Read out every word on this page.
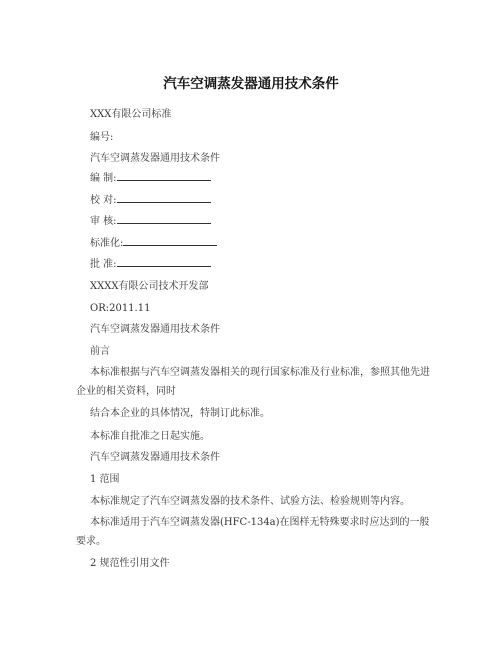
汽车空调蒸发器通用技术条件
XXX有限公司标准
编号:
汽车空调蒸发器通用技术条件
编 制:
校 对:
审 核:
标准化:
批 准:
XXXX有限公司技术开发部
OR:2011.11
汽车空调蒸发器通用技术条件
前言
本标准根据与汽车空调蒸发器相关的现行国家标准及行业标准，参照其他先进企业的相关资料，同时
结合本企业的具体情况，特制订此标准。
本标准自批准之日起实施。
汽车空调蒸发器通用技术条件
1 范围
本标准规定了汽车空调蒸发器的技术条件、试验方法、检验规则等内容。
本标准适用于汽车空调蒸发器(HFC-134a)在图样无特殊要求时应达到的一般要求。
2 规范性引用文件
